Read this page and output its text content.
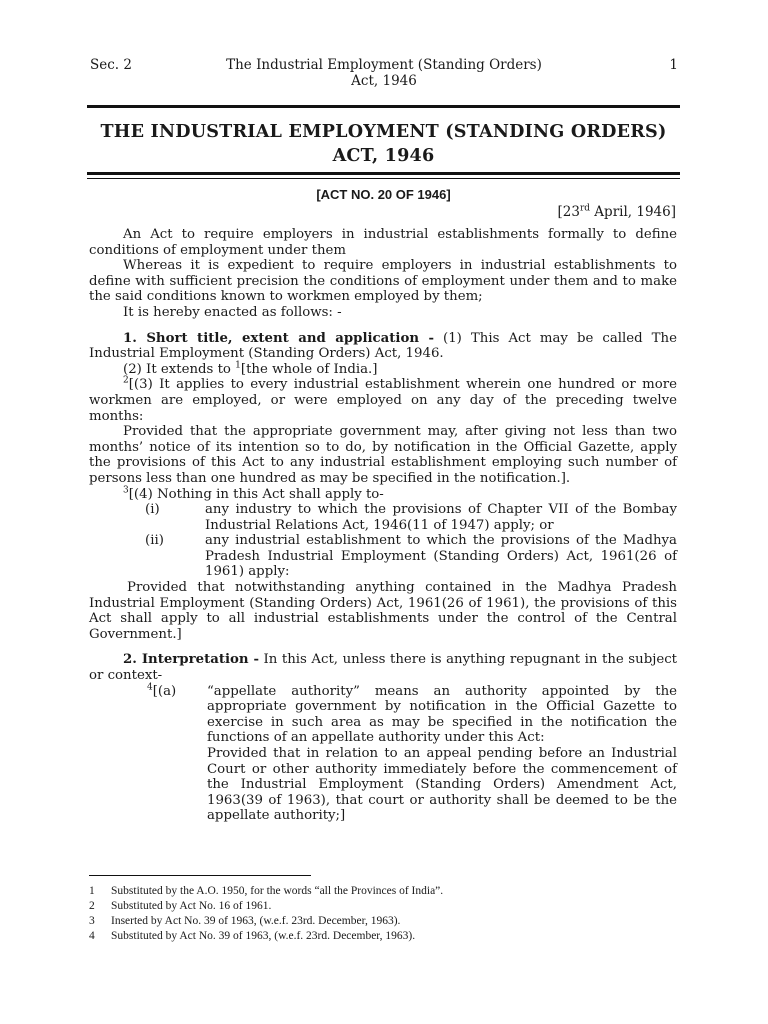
Sec. 2	The Industrial Employment (Standing Orders)
Act, 1946
1
THE INDUSTRIAL EMPLOYMENT (STANDING ORDERS)
ACT, 1946
[ACT NO. 20 OF 1946]
[23rd April, 1946]

An Act to require employers in industrial establishments formally to define conditions of employment under them

Whereas it is expedient to require employers in industrial establishments to define with sufficient precision the conditions of employment under them and to make the said conditions known to workmen employed by them;

It is hereby enacted as follows: -

1. Short title, extent and application - (1) This Act may be called The Industrial Employment (Standing Orders) Act, 1946.

(2) It extends to $^1$[the whole of India.]

$^2$[(3) It applies to every industrial establishment wherein one hundred or more workmen are employed, or were employed on any day of the preceding twelve months:

Provided that the appropriate government may, after giving not less than two months’ notice of its intention so to do, by notification in the Official Gazette, apply the provisions of this Act to any industrial establishment employing such number of persons less than one hundred as may be specified in the notification.].

$^3$[(4) Nothing in this Act shall apply to-

(i)	any industry to which the provisions of Chapter VII of the Bombay Industrial Relations Act, 1946(11 of 1947) apply; or
(ii)	any industrial establishment to which the provisions of the Madhya Pradesh Industrial Employment (Standing Orders) Act, 1961(26 of 1961) apply:

Provided that notwithstanding anything contained in the Madhya Pradesh Industrial Employment (Standing Orders) Act, 1961(26 of 1961), the provisions of this Act shall apply to all industrial establishments under the control of the Central Government.]

2. Interpretation - In this Act, unless there is anything repugnant in the subject or context-

$^4$[(a)	“appellate authority” means an authority appointed by the appropriate government by notification in the Official Gazette to exercise in such area as may be specified in the notification the functions of an appellate authority under this Act:

Provided that in relation to an appeal pending before an Industrial Court or other authority immediately before the commencement of the Industrial Employment (Standing Orders) Amendment Act, 1963(39 of 1963), that court or authority shall be deemed to be the appellate authority;]

1	Substituted by the A.O. 1950, for the words “all the Provinces of India”.
2	Substituted by Act No. 16 of 1961.
3	Inserted by Act No. 39 of 1963, (w.e.f. 23rd. December, 1963).
4	Substituted by Act No. 39 of 1963, (w.e.f. 23rd. December, 1963).
